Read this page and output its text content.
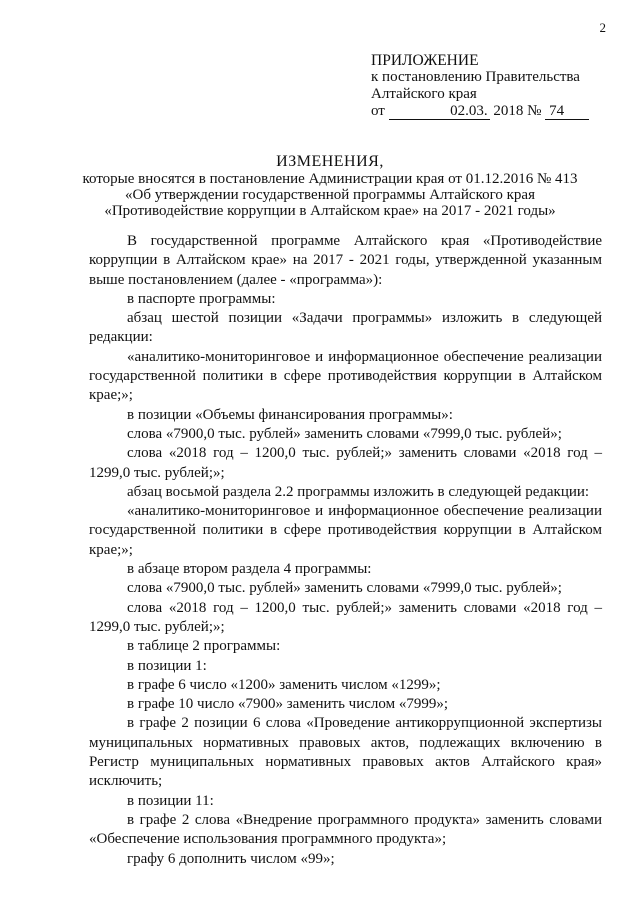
2
ПРИЛОЖЕНИЕ
к постановлению Правительства
Алтайского края
от	02.03. 2018 № 74
ИЗМЕНЕНИЯ,
которые вносятся в постановление Администрации края от 01.12.2016 № 413
«Об утверждении государственной программы Алтайского края
«Противодействие коррупции в Алтайском крае» на 2017 - 2021 годы»

В государственной программе Алтайского края «Противодействие коррупции в Алтайском крае» на 2017 - 2021 годы, утвержденной указанным выше постановлением (далее - «программа»):

в паспорте программы:

абзац шестой позиции «Задачи программы» изложить в следующей редакции:

«аналитико-мониторинговое и информационное обеспечение реализации государственной политики в сфере противодействия коррупции в Алтайском крае;»;

в позиции «Объемы финансирования программы»:

слова «7900,0 тыс. рублей» заменить словами «7999,0 тыс. рублей»;

слова «2018 год – 1200,0 тыс. рублей;» заменить словами «2018 год – 1299,0 тыс. рублей;»;

абзац восьмой раздела 2.2 программы изложить в следующей редакции:

«аналитико-мониторинговое и информационное обеспечение реализации государственной политики в сфере противодействия коррупции в Алтайском крае;»;

в абзаце втором раздела 4 программы:

слова «7900,0 тыс. рублей» заменить словами «7999,0 тыс. рублей»;

слова «2018 год – 1200,0 тыс. рублей;» заменить словами «2018 год – 1299,0 тыс. рублей;»;

в таблице 2 программы:

в позиции 1:

в графе 6 число «1200» заменить числом «1299»;

в графе 10 число «7900» заменить числом «7999»;

в графе 2 позиции 6 слова «Проведение антикоррупционной экспертизы муниципальных нормативных правовых актов, подлежащих включению в Регистр муниципальных нормативных правовых актов Алтайского края» исключить;

в позиции 11:

в графе 2 слова «Внедрение программного продукта» заменить словами «Обеспечение использования программного продукта»;

графу 6 дополнить числом «99»;
